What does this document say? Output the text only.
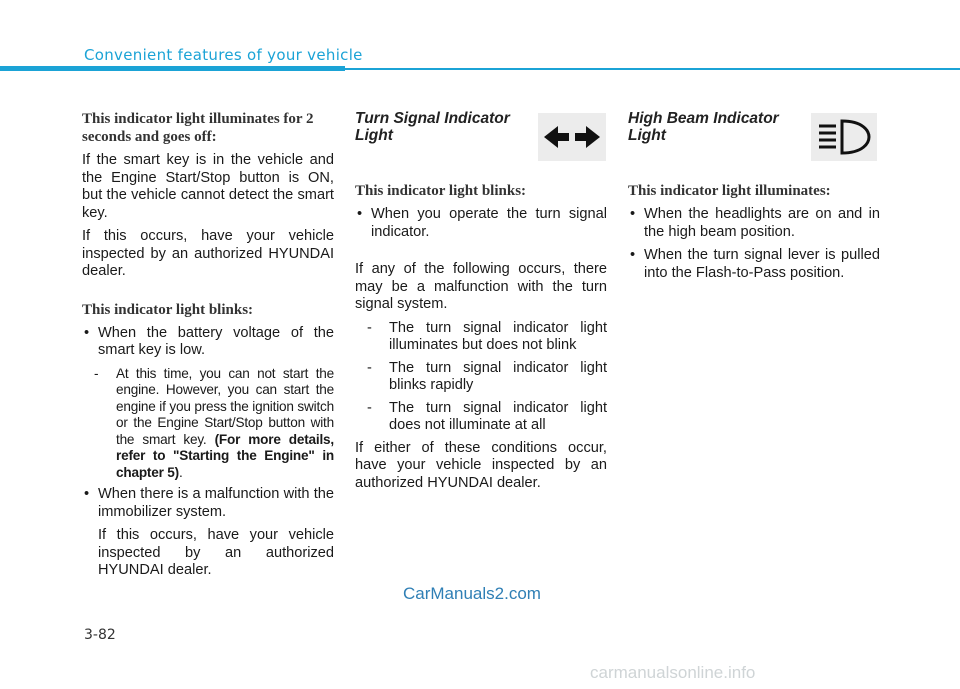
Convenient features of your vehicle
This indicator light illuminates for 2 seconds and goes off:

If the smart key is in the vehicle and the Engine Start/Stop button is ON, but the vehicle cannot detect the smart key.

If this occurs, have your vehicle inspected by an authorized HYUNDAI dealer.

This indicator light blinks:
• When the battery voltage of the smart key is low.
- At this time, you can not start the engine. However, you can start the engine if you press the ignition switch or the Engine Start/Stop button with the smart key. (For more details, refer to "Starting the Engine" in chapter 5).
• When there is a malfunction with the immobilizer system.

If this occurs, have your vehicle inspected by an authorized HYUNDAI dealer.

Turn Signal Indicator Light
This indicator light blinks:
• When you operate the turn signal indicator.

If any of the following occurs, there may be a malfunction with the turn signal system.

- The turn signal indicator light illuminates but does not blink
- The turn signal indicator light blinks rapidly
- The turn signal indicator light does not illuminate at all

If either of these conditions occur, have your vehicle inspected by an authorized HYUNDAI dealer.

High Beam Indicator Light
This indicator light illuminates:
• When the headlights are on and in the high beam position.
• When the turn signal lever is pulled into the Flash-to-Pass position.
CarManuals2.com
3-82
carmanualsonline.info
